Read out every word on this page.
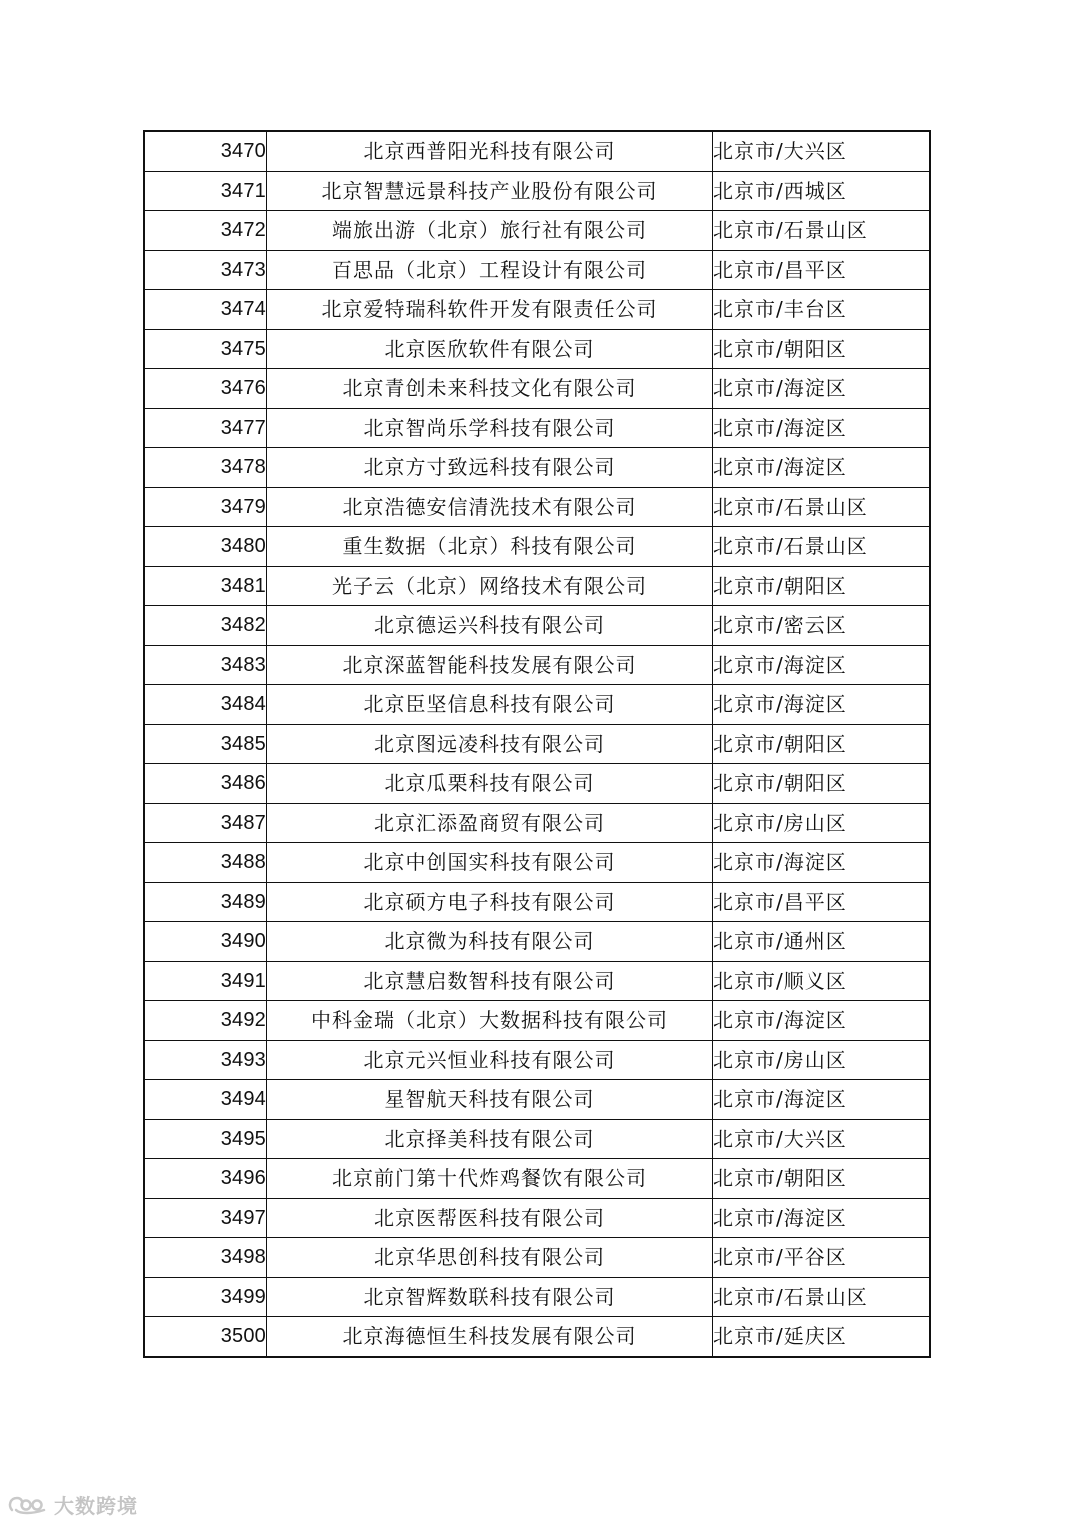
3470	北京西普阳光科技有限公司	北京市/大兴区
3471	北京智慧远景科技产业股份有限公司	北京市/西城区
3472	端旅出游（北京）旅行社有限公司	北京市/石景山区
3473	百思品（北京）工程设计有限公司	北京市/昌平区
3474	北京爱特瑞科软件开发有限责任公司	北京市/丰台区
3475	北京医欣软件有限公司	北京市/朝阳区
3476	北京青创未来科技文化有限公司	北京市/海淀区
3477	北京智尚乐学科技有限公司	北京市/海淀区
3478	北京方寸致远科技有限公司	北京市/海淀区
3479	北京浩德安信清洗技术有限公司	北京市/石景山区
3480	重生数据（北京）科技有限公司	北京市/石景山区
3481	光子云（北京）网络技术有限公司	北京市/朝阳区
3482	北京德运兴科技有限公司	北京市/密云区
3483	北京深蓝智能科技发展有限公司	北京市/海淀区
3484	北京臣坚信息科技有限公司	北京市/海淀区
3485	北京图远凌科技有限公司	北京市/朝阳区
3486	北京瓜栗科技有限公司	北京市/朝阳区
3487	北京汇添盈商贸有限公司	北京市/房山区
3488	北京中创国实科技有限公司	北京市/海淀区
3489	北京硕方电子科技有限公司	北京市/昌平区
3490	北京微为科技有限公司	北京市/通州区
3491	北京慧启数智科技有限公司	北京市/顺义区
3492	中科金瑞（北京）大数据科技有限公司	北京市/海淀区
3493	北京元兴恒业科技有限公司	北京市/房山区
3494	星智航天科技有限公司	北京市/海淀区
3495	北京择美科技有限公司	北京市/大兴区
3496	北京前门第十代炸鸡餐饮有限公司	北京市/朝阳区
3497	北京医帮医科技有限公司	北京市/海淀区
3498	北京华思创科技有限公司	北京市/平谷区
3499	北京智辉数联科技有限公司	北京市/石景山区
3500	北京海德恒生科技发展有限公司	北京市/延庆区
大数跨境
